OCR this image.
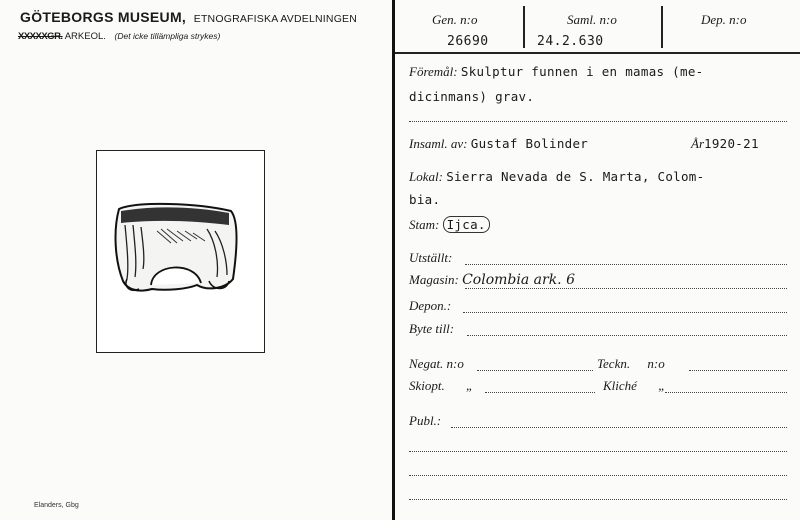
GÖTEBORGS MUSEUM, ETNOGRAFISKA AVDELNINGEN
XXXXXGR. ARKEOL. (Det icke tillämpliga strykes)
Elanders, Gbg
Gen. n:o	Saml. n:o	Dep. n:o
26690	24.2.630
Föremål: Skulptur funnen i en mamas (me-
dicinmans) grav.
Insaml. av: Gustaf Bolinder	År1920-21
Lokal: Sierra Nevada de S. Marta, Colom-
bia.
Stam: Ijca.
Utställt:
Magasin: Colombia ark. 6
Depon.:
Byte till:
Negat. n:o	Teckn. n:o
Skiopt. „	Kliché „
Publ.:
